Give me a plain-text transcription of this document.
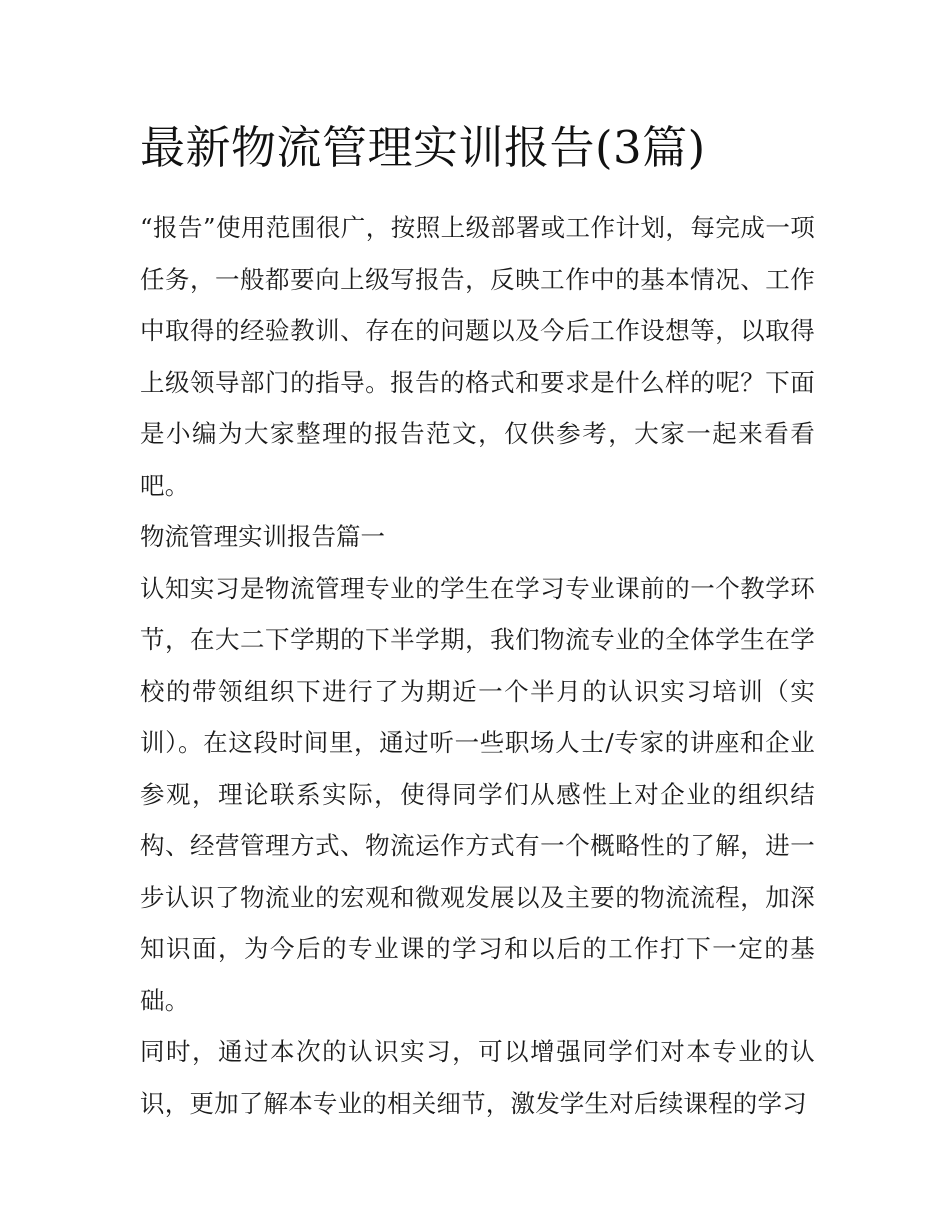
最新物流管理实训报告(3篇)

“报告”使用范围很广，按照上级部署或工作计划，每完成一项任务，一般都要向上级写报告，反映工作中的基本情况、工作中取得的经验教训、存在的问题以及今后工作设想等，以取得上级领导部门的指导。报告的格式和要求是什么样的呢？下面是小编为大家整理的报告范文，仅供参考，大家一起来看看吧。

物流管理实训报告篇一

认知实习是物流管理专业的学生在学习专业课前的一个教学环节，在大二下学期的下半学期，我们物流专业的全体学生在学校的带领组织下进行了为期近一个半月的认识实习培训（实训）。在这段时间里，通过听一些职场人士/专家的讲座和企业参观，理论联系实际，使得同学们从感性上对企业的组织结构、经营管理方式、物流运作方式有一个概略性的了解，进一步认识了物流业的宏观和微观发展以及主要的物流流程，加深知识面，为今后的专业课的学习和以后的工作打下一定的基础。

同时，通过本次的认识实习，可以增强同学们对本专业的认识，更加了解本专业的相关细节，激发学生对后续课程的学习
